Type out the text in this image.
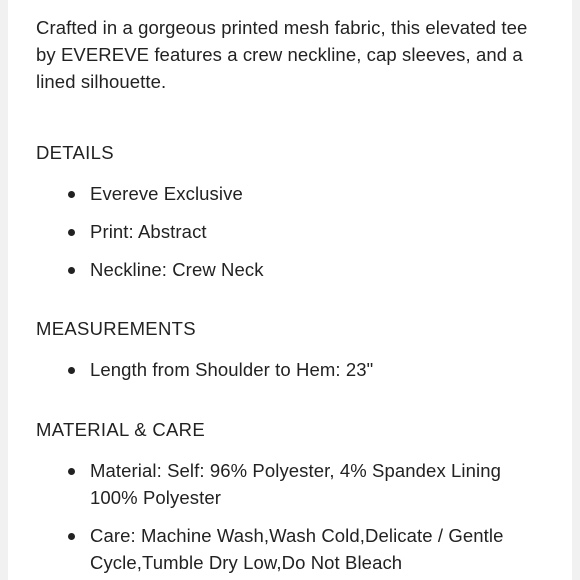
Crafted in a gorgeous printed mesh fabric, this elevated tee by EVEREVE features a crew neckline, cap sleeves, and a lined silhouette.

DETAILS
Evereve Exclusive
Print: Abstract
Neckline: Crew Neck
MEASUREMENTS
Length from Shoulder to Hem: 23"
MATERIAL & CARE
Material: Self: 96% Polyester, 4% Spandex Lining 100% Polyester
Care: Machine Wash,Wash Cold,Delicate / Gentle Cycle,Tumble Dry Low,Do Not Bleach
